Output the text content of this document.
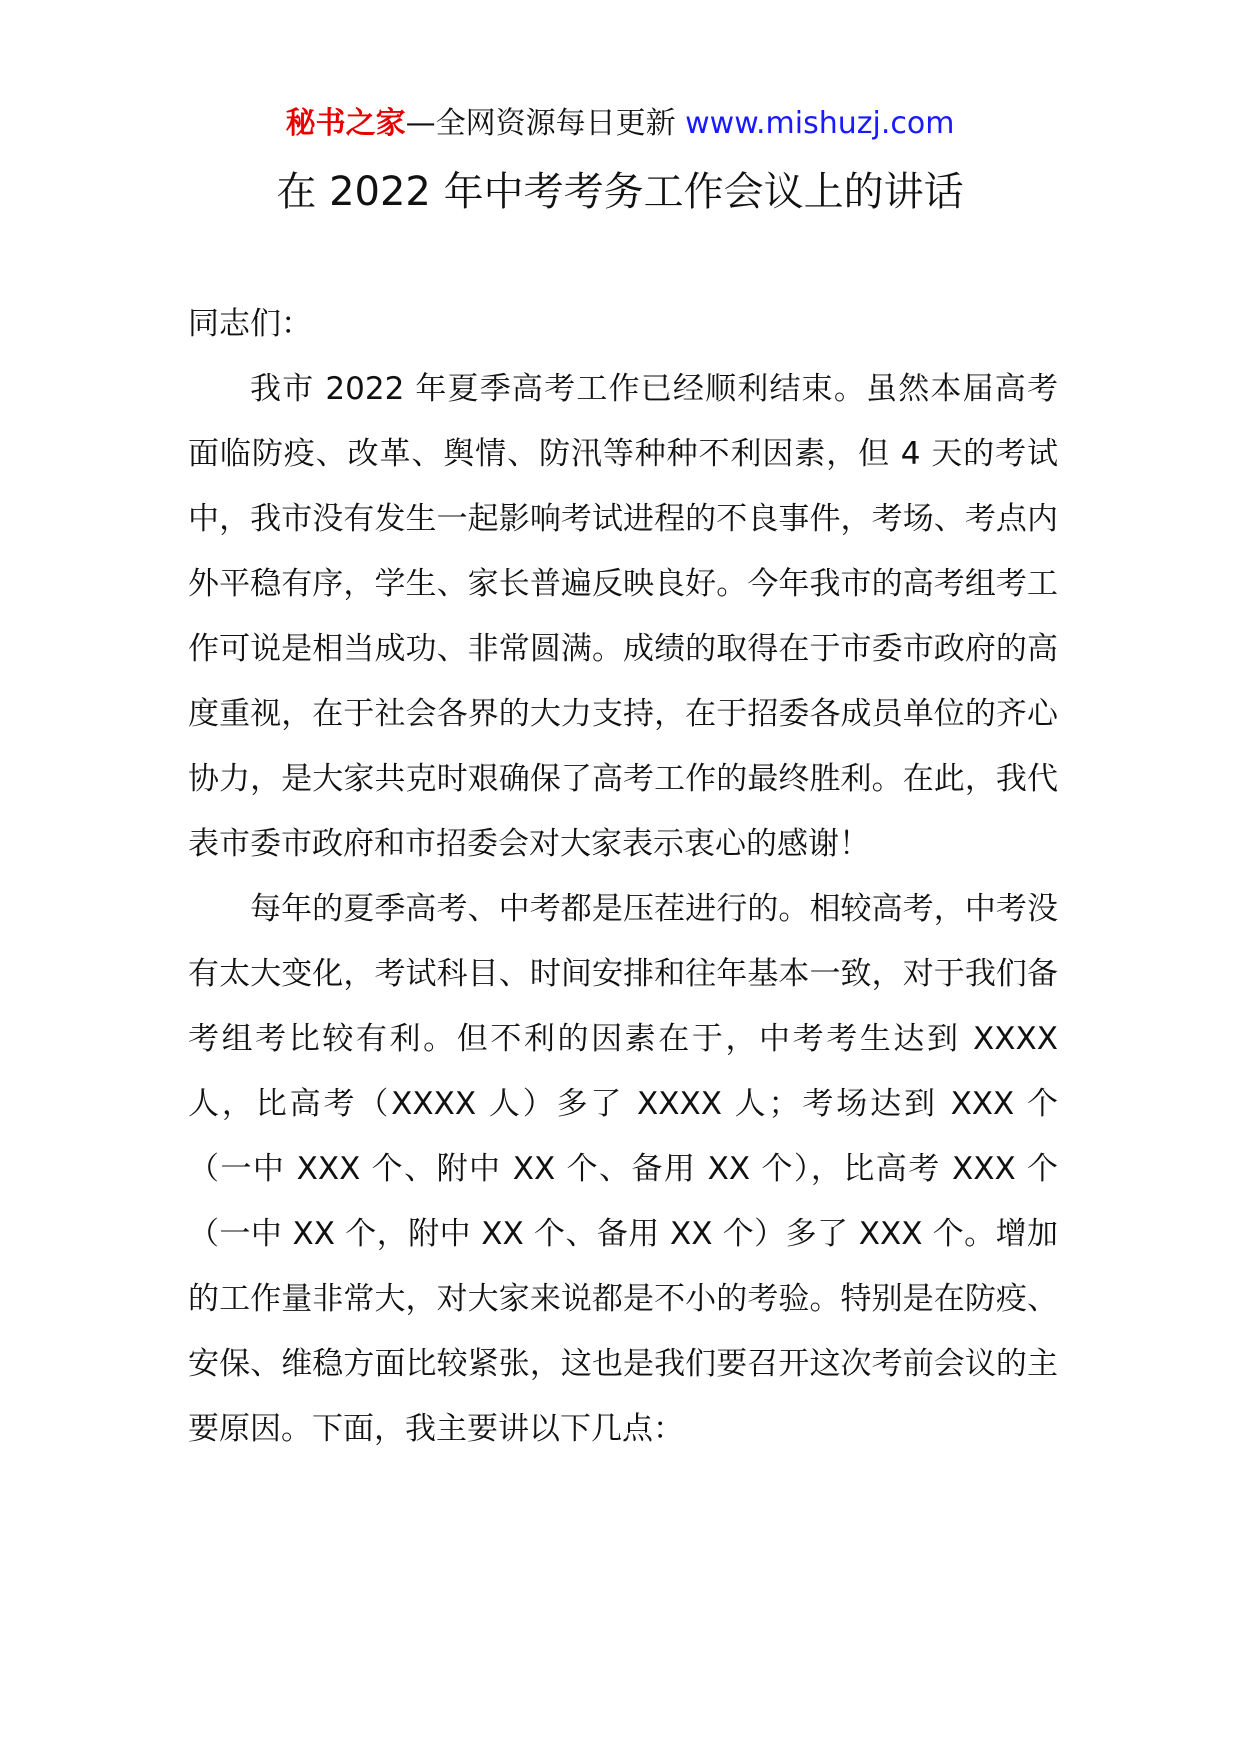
秘书之家—全网资源每日更新 www.mishuzj.com
在 2022 年中考考务工作会议上的讲话

同志们：

我市 2022 年夏季高考工作已经顺利结束。虽然本届高考面临防疫、改革、舆情、防汛等种种不利因素，但 4 天的考试中，我市没有发生一起影响考试进程的不良事件，考场、考点内外平稳有序，学生、家长普遍反映良好。今年我市的高考组考工作可说是相当成功、非常圆满。成绩的取得在于市委市政府的高度重视，在于社会各界的大力支持，在于招委各成员单位的齐心协力，是大家共克时艰确保了高考工作的最终胜利。在此，我代表市委市政府和市招委会对大家表示衷心的感谢！

每年的夏季高考、中考都是压茬进行的。相较高考，中考没有太大变化，考试科目、时间安排和往年基本一致，对于我们备考组考比较有利。但不利的因素在于，中考考生达到 XXXX 人，比高考（XXXX 人）多了 XXXX 人；考场达到 XXX 个（一中 XXX 个、附中 XX 个、备用 XX 个），比高考 XXX 个（一中 XX 个，附中 XX 个、备用 XX 个）多了 XXX 个。增加的工作量非常大，对大家来说都是不小的考验。特别是在防疫、安保、维稳方面比较紧张，这也是我们要召开这次考前会议的主要原因。下面，我主要讲以下几点：
